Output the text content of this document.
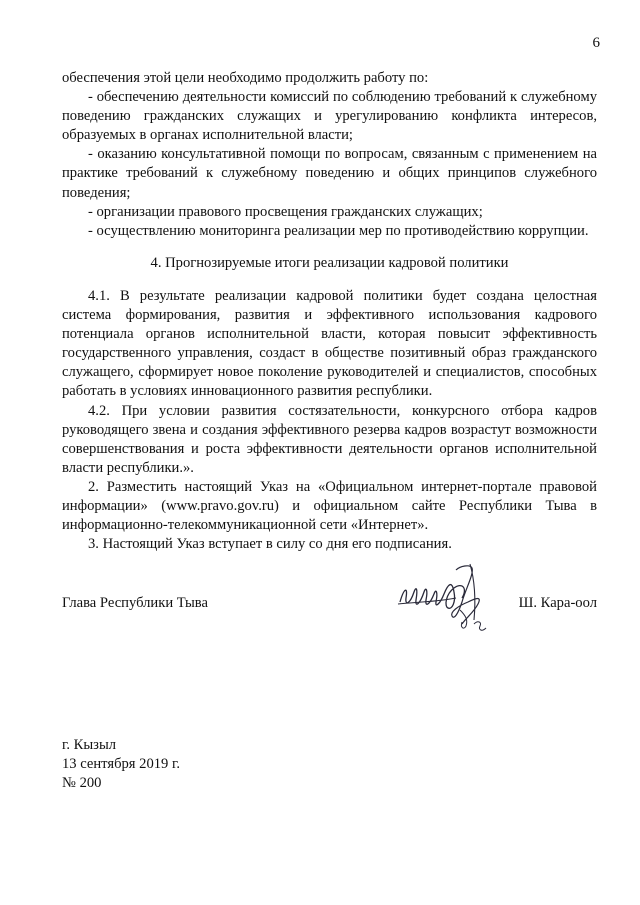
6

обеспечения этой цели необходимо продолжить работу по:

- обеспечению деятельности комиссий по соблюдению требований к служебному поведению гражданских служащих и урегулированию конфликта интересов, образуемых в органах исполнительной власти;

- оказанию консультативной помощи по вопросам, связанным с применением на практике требований к служебному поведению и общих принципов служебного поведения;

- организации правового просвещения гражданских служащих;

- осуществлению мониторинга реализации мер по противодействию коррупции.

4. Прогнозируемые итоги реализации кадровой политики

4.1. В результате реализации кадровой политики будет создана целостная система формирования, развития и эффективного использования кадрового потенциала органов исполнительной власти, которая повысит эффективность государственного управления, создаст в обществе позитивный образ гражданского служащего, сформирует новое поколение руководителей и специалистов, способных работать в условиях инновационного развития республики.

4.2. При условии развития состязательности, конкурсного отбора кадров руководящего звена и создания эффективного резерва кадров возрастут возможности совершенствования и роста эффективности деятельности органов исполнительной власти республики.».

2. Разместить настоящий Указ на «Официальном интернет-портале правовой информации» (www.pravo.gov.ru) и официальном сайте Республики Тыва в информационно-телекоммуникационной сети «Интернет».

3. Настоящий Указ вступает в силу со дня его подписания.

Глава Республики Тыва	Ш. Кара-оол
г. Кызыл
13 сентября 2019 г.
№ 200
